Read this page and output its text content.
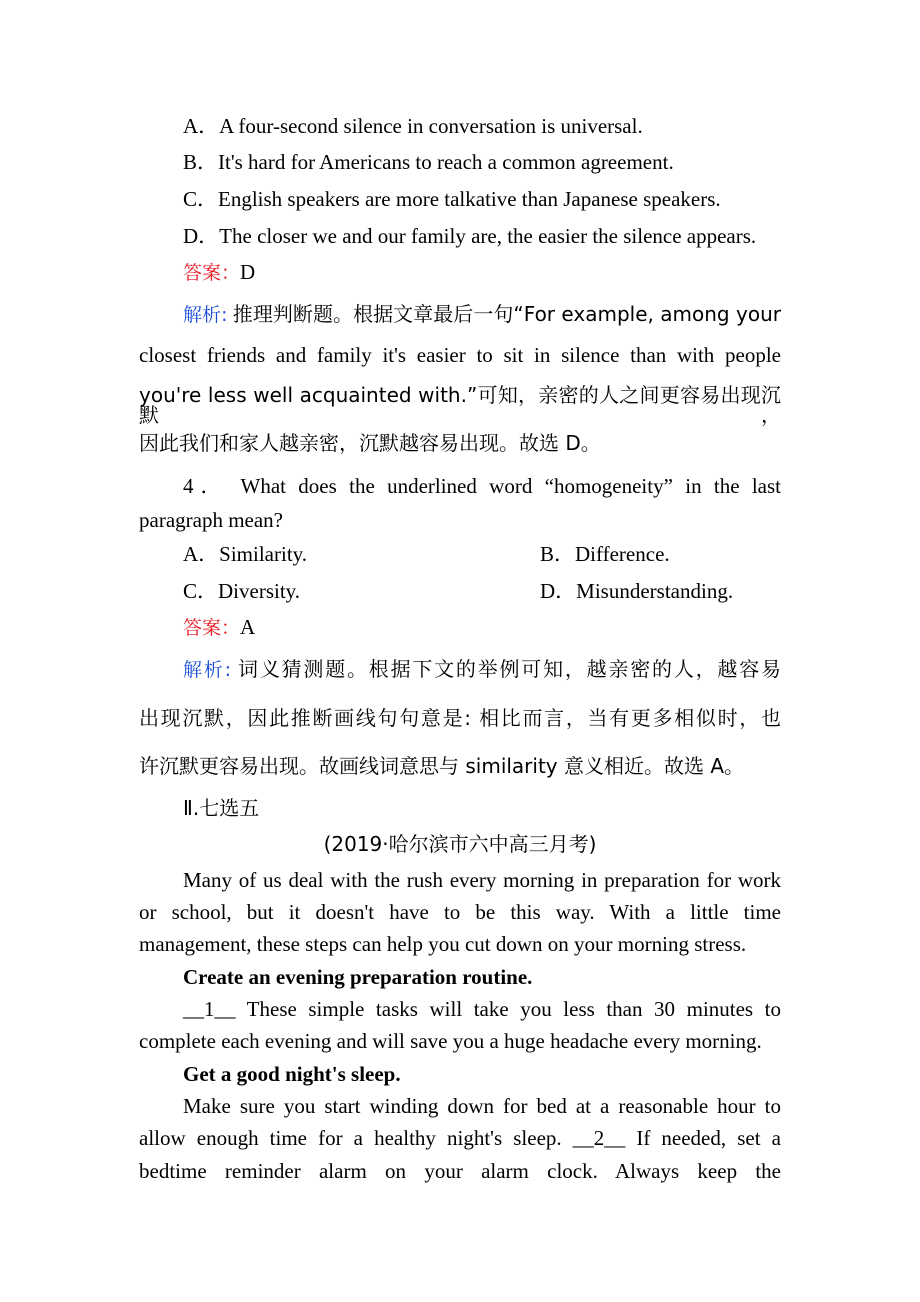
A．A four-second silence in conversation is universal.
B．It's hard for Americans to reach a common agreement.
C．English speakers are more talkative than Japanese speakers.
D．The closer we and our family are, the easier the silence appears.
答案：D
解析: 推理判断题。根据文章最后一句“For example, among your
closest friends and family it's easier to sit in silence than with people
you're less well acquainted with.”可知，亲密的人之间更容易出现沉默，
因此我们和家人越亲密，沉默越容易出现。故选 D。
4． What does the underlined word “homogeneity” in the last
paragraph mean?
A．Similarity.	B．Difference.
C．Diversity.	D．Misunderstanding.
答案：A
解析: 词义猜测题。根据下文的举例可知，越亲密的人，越容易
出现沉默，因此推断画线句句意是: 相比而言，当有更多相似时，也
许沉默更容易出现。故画线词意思与 similarity 意义相近。故选 A。
Ⅱ.七选五
(2019·哈尔滨市六中高三月考)
Many of us deal with the rush every morning in preparation for work
or school, but it doesn't have to be this way. With a little time
management, these steps can help you cut down on your morning stress.
Create an evening preparation routine.
__1__ These simple tasks will take you less than 30 minutes to
complete each evening and will save you a huge headache every morning.
Get a good night's sleep.
Make sure you start winding down for bed at a reasonable hour to
allow enough time for a healthy night's sleep. __2__ If needed, set a
bedtime reminder alarm on your alarm clock. Always keep the
